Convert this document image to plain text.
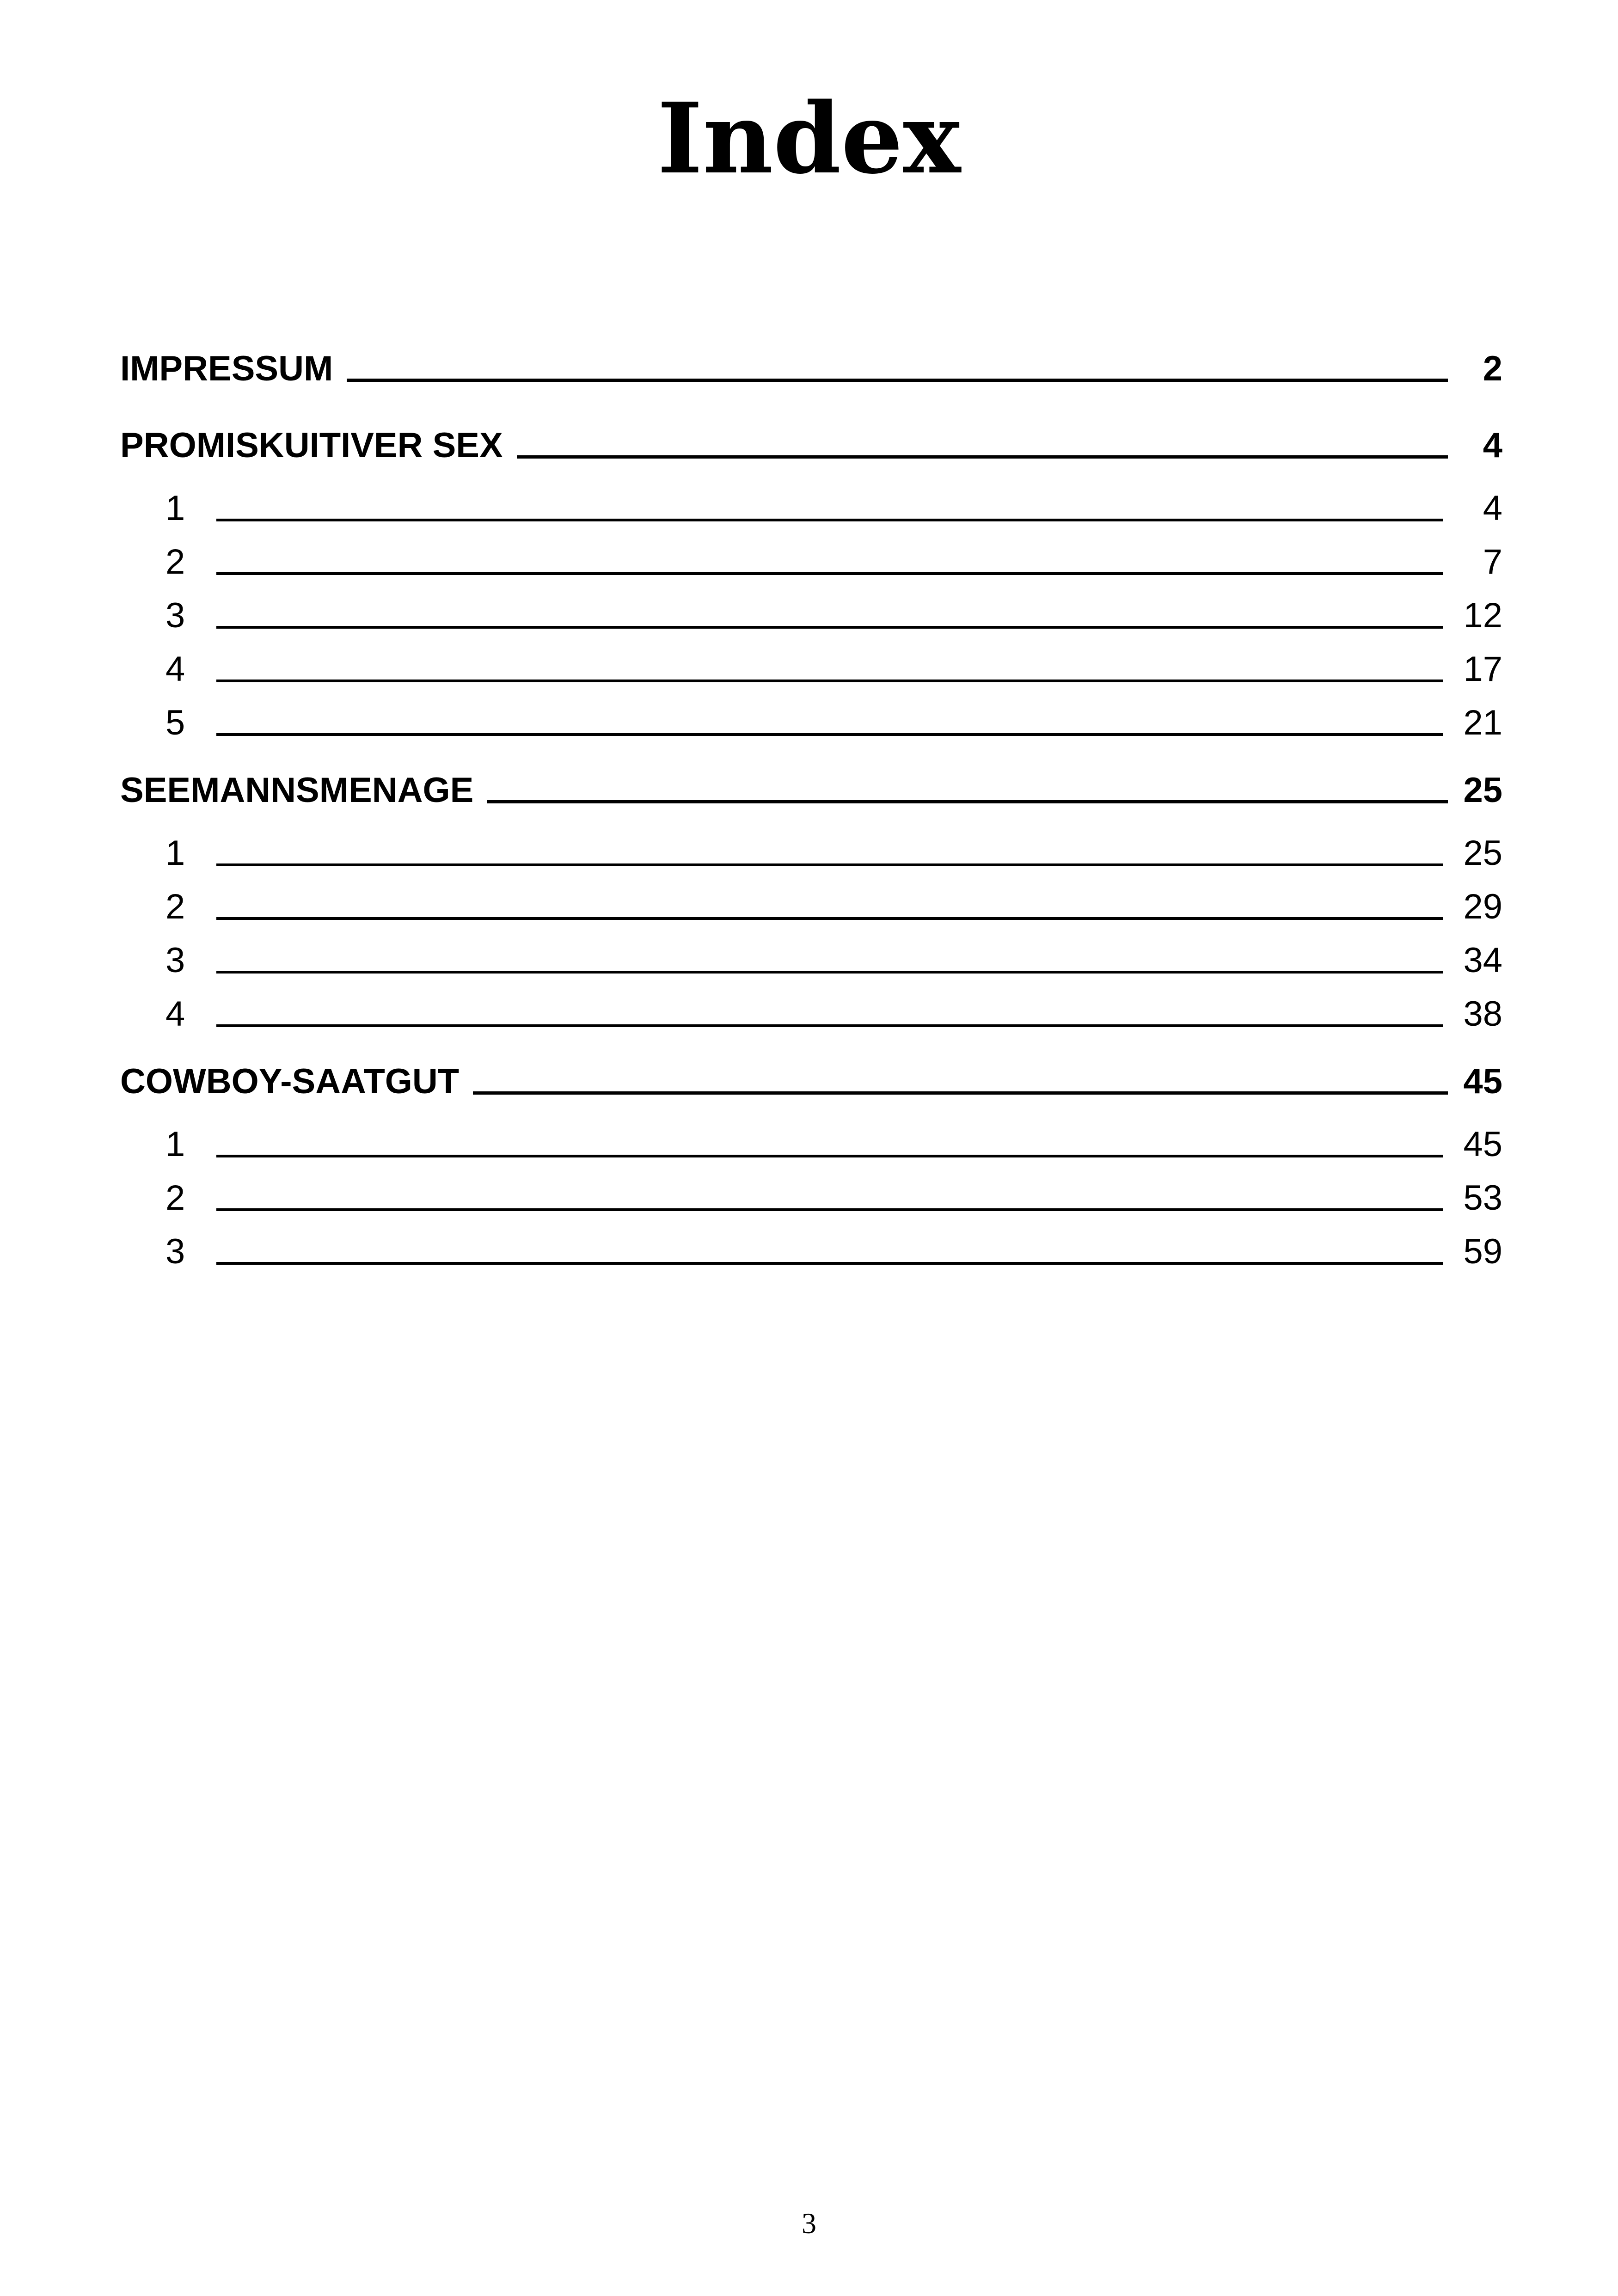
Index
IMPRESSUM	2
PROMISKUITIVER SEX	4
1	4
2	7
3	12
4	17
5	21
SEEMANNSMENAGE	25
1	25
2	29
3	34
4	38
COWBOY-SAATGUT	45
1	45
2	53
3	59
3
